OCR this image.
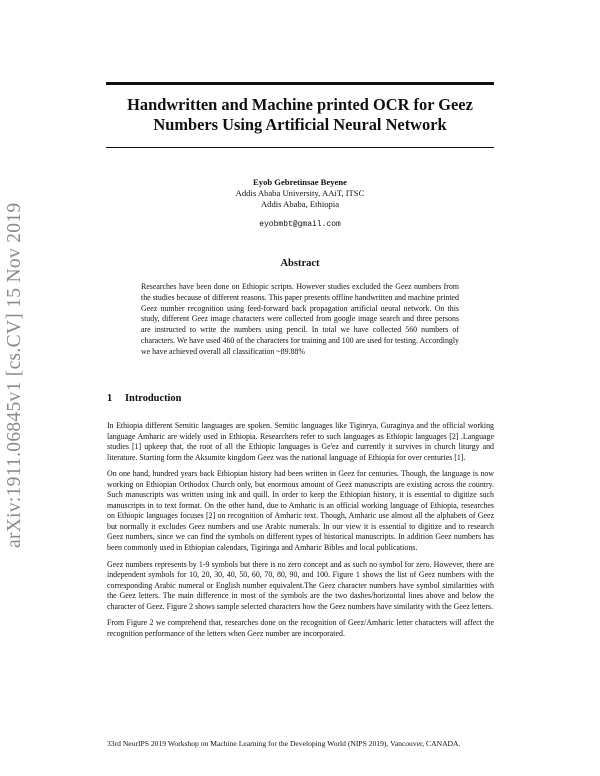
arXiv:1911.06845v1 [cs.CV] 15 Nov 2019
Handwritten and Machine printed OCR for Geez Numbers Using Artificial Neural Network
Eyob Gebretinsae Beyene
Addis Ababa University, AAiT, ITSC
Addis Ababa, Ethiopia
eyobmbt@gmail.com
Abstract
Researches have been done on Ethiopic scripts. However studies excluded the Geez numbers from the studies because of different reasons. This paper presents offline handwritten and machine printed Geez number recognition using feed-forward back propagation artificial neural network. On this study, different Geez image characters were collected from google image search and three persons are instructed to write the numbers using pencil. In total we have collected 560 numbers of characters. We have used 460 of the characters for training and 100 are used for testing. Accordingly we have achieved overall all classification ~89.88%
1 Introduction

In Ethiopia different Semitic languages are spoken. Semitic languages like Tiginrya, Guraginya and the official working language Amharic are widely used in Ethiopia. Researchers refer to such languages as Ethiopic languages [2] .Language studies [1] upkeep that, the root of all the Ethiopic languages is Ge'ez and currently it survives in church liturgy and literature. Starting form the Aksumite kingdom Geez was the national language of Ethiopia for over centuries [1].

On one hand, hundred years back Ethiopian history had been written in Geez for centuries. Though, the language is now working on Ethiopian Orthodox Church only, but enormous amount of Geez manuscripts are existing across the country. Such manuscripts was written using ink and quill. In order to keep the Ethiopian history, it is essential to digitize such manuscripts in to text format. On the other hand, due to Amharic is an official working language of Ethiopia, researches on Ethiopic languages focuses [2] on recognition of Amharic text. Though, Amharic use almost all the alphabets of Geez but normally it excludes Geez numbers and use Arabic numerals. In our view it is essential to digitize and to research Geez numbers, since we can find the symbols on different types of historical manuscripts. In addition Geez numbers has been commonly used in Ethiopian calendars, Tigiringa and Amharic Bibles and local publications.

Geez numbers represents by 1-9 symbols but there is no zero concept and as such no symbol for zero. However, there are independent symbols for 10, 20, 30, 40, 50, 60, 70, 80, 90, and 100. Figure 1 shows the list of Geez numbers with the corresponding Arabic numeral or English number equivalent.The Geez character numbers have symbol similarities with the Geez letters. The main difference in most of the symbols are the two dashes/horizontal lines above and below the character of Geez. Figure 2 shows sample selected characters how the Geez numbers have similarity with the Geez letters.

From Figure 2 we comprehend that, researches done on the recognition of Geez/Amharic letter characters will affect the recognition performance of the letters when Geez number are incorporated.

33rd NeurIPS 2019 Workshop on Machine Learning for the Developing World (NIPS 2019), Vancouver, CANADA.
